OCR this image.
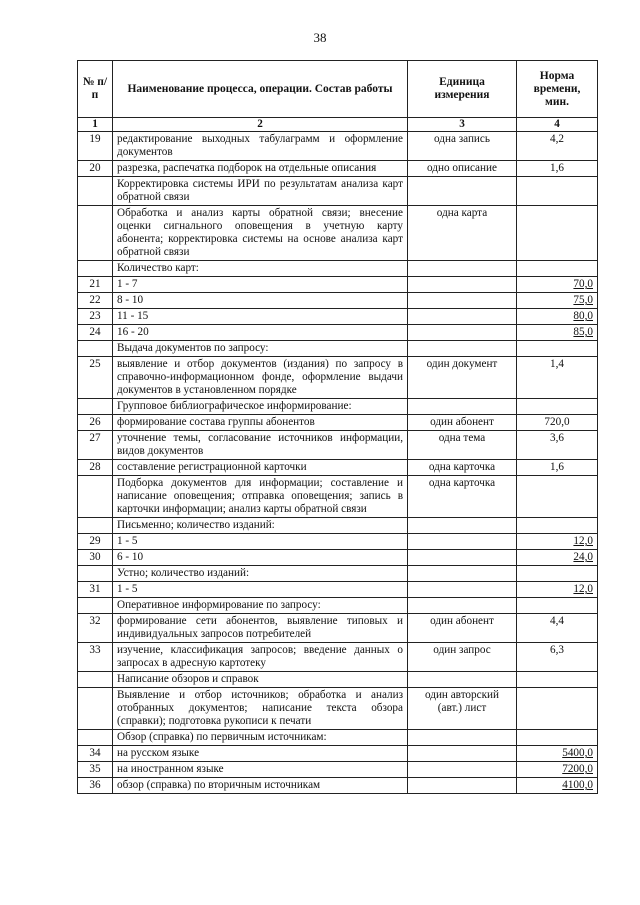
38
№ п/п	Наименование процесса, операции. Состав работы	Единица измерения	Норма времени, мин.
1	2	3	4
19	редактирование выходных табулаграмм и оформление документов	одна запись	4,2
20	разрезка, распечатка подборок на отдельные описания	одно описание	1,6
	Корректировка системы ИРИ по результатам анализа карт обратной связи		
	Обработка и анализ карты обратной связи; внесение оценки сигнального оповещения в учетную карту абонента; корректировка системы на основе анализа карт обратной связи	одна карта	
	Количество карт:		
21	1 - 7		70,0
22	8 - 10		75,0
23	11 - 15		80,0
24	16 - 20		85,0
	Выдача документов по запросу:		
25	выявление и отбор документов (издания) по запросу в справочно-информационном фонде, оформление выдачи документов в установленном порядке	один документ	1,4
	Групповое библиографическое информирование:		
26	формирование состава группы абонентов	один абонент	720,0
27	уточнение темы, согласование источников информации, видов документов	одна тема	3,6
28	составление регистрационной карточки	одна карточка	1,6
	Подборка документов для информации; составление и написание оповещения; отправка оповещения; запись в карточки информации; анализ карты обратной связи	одна карточка	
	Письменно; количество изданий:		
29	1 - 5		12,0
30	6 - 10		24,0
	Устно; количество изданий:		
31	1 - 5		12,0
	Оперативное информирование по запросу:		
32	формирование сети абонентов, выявление типовых и индивидуальных запросов потребителей	один абонент	4,4
33	изучение, классификация запросов; введение данных о запросах в адресную картотеку	один запрос	6,3
	Написание обзоров и справок		
	Выявление и отбор источников; обработка и анализ отобранных документов; написание текста обзора (справки); подготовка рукописи к печати	один авторский (авт.) лист	
	Обзор (справка) по первичным источникам:		
34	на русском языке		5400,0
35	на иностранном языке		7200,0
36	обзор (справка) по вторичным источникам		4100,0
